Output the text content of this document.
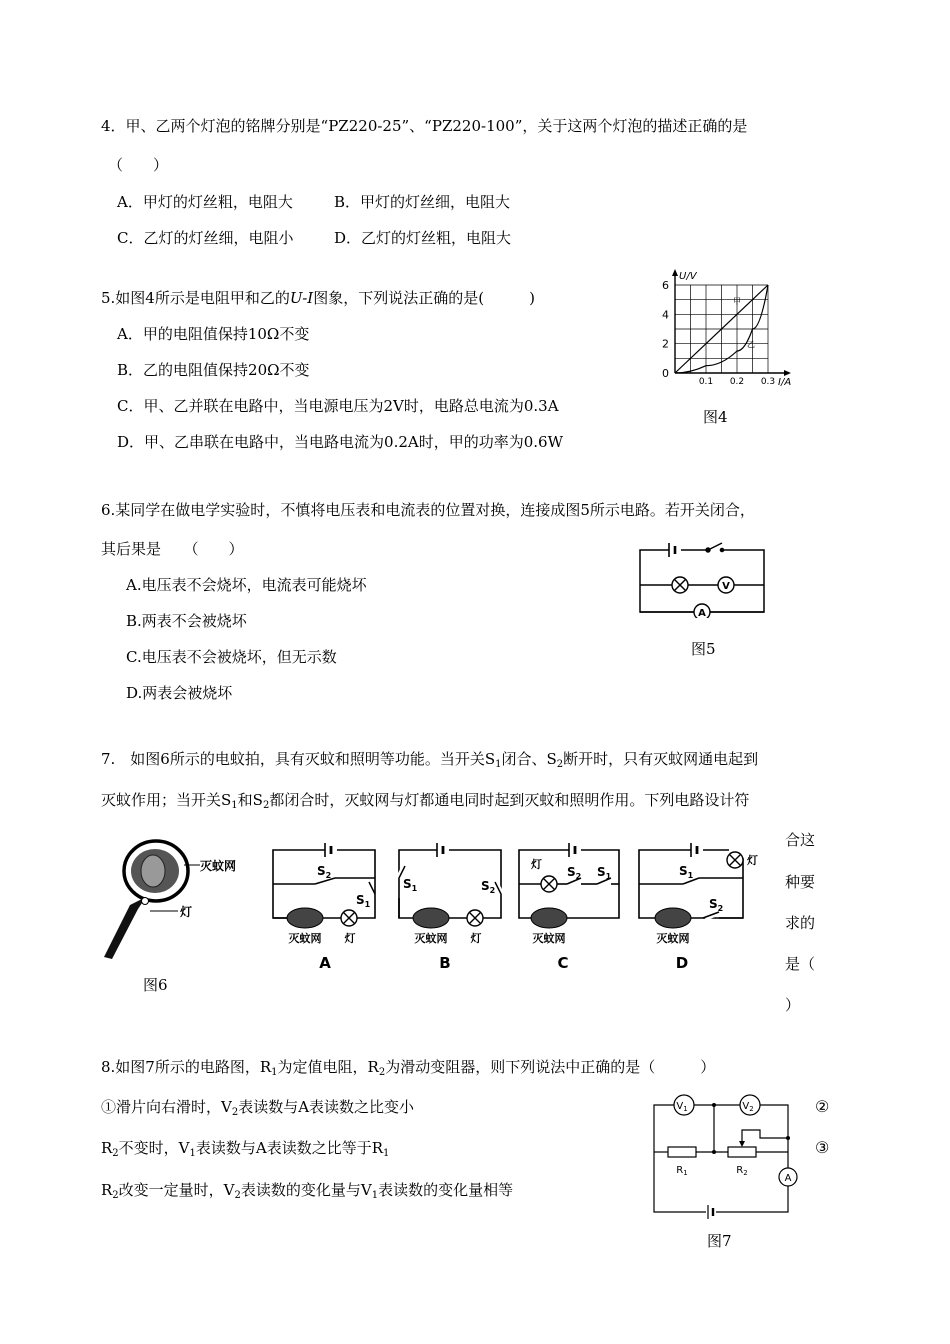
4．甲、乙两个灯泡的铭牌分别是“PZ220-25”、“PZ220-100”，关于这两个灯泡的描述正确的是
（　　）
A．甲灯的灯丝粗，电阻大	B．甲灯的灯丝细，电阻大
C．乙灯的灯丝细，电阻小	D．乙灯的灯丝粗，电阻大
5.如图4所示是电阻甲和乙的U-I图象，下列说法正确的是(　　　)
A．甲的电阻值保持10Ω不变
B．乙的电阻值保持20Ω不变
C．甲、乙并联在电路中，当电源电压为2V时，电路总电流为0.3A
D．甲、乙串联在电路中，当电路电流为0.2A时，甲的功率为0.6W
U/V
I/A
6
4
2
0
0.1 0.2 0.3
甲
乙
图4
6.某同学在做电学实验时，不慎将电压表和电流表的位置对换，连接成图5所示电路。若开关闭合，
其后果是　　（　　）
A.电压表不会烧坏，电流表可能烧坏
B.两表不会被烧坏
C.电压表不会被烧坏，但无示数
D.两表会被烧坏
V
A
图5
7.　如图6所示的电蚊拍，具有灭蚊和照明等功能。当开关$S_1$闭合、$S_2$断开时，只有灭蚊网通电起到
灭蚊作用；当开关$S_1$和$S_2$都闭合时，灭蚊网与灯都通电同时起到灭蚊和照明作用。下列电路设计符
合这
种要
求的
是（
）
灭蚊网
灯
图6
$S_2$
$S_1$
灭蚊网 灯
A
$S_1$	$S_2$
灭蚊网 灯
B
灯
$S_2$ $S_1$
灭蚊网
C
灯
$S_1$
$S_2$
灭蚊网
D
8.如图7所示的电路图，$R_1$为定值电阻，$R_2$为滑动变阻器，则下列说法中正确的是（　　　）
①滑片向右滑时，$V_2$表读数与A表读数之比变小
$R_2$不变时，$V_1$表读数与A表读数之比等于$R_1$
$R_2$改变一定量时，$V_2$表读数的变化量与$V_1$表读数的变化量相等
②
③
$V_1$	$V_2$
$R_1$	$R_2$	A
图7
